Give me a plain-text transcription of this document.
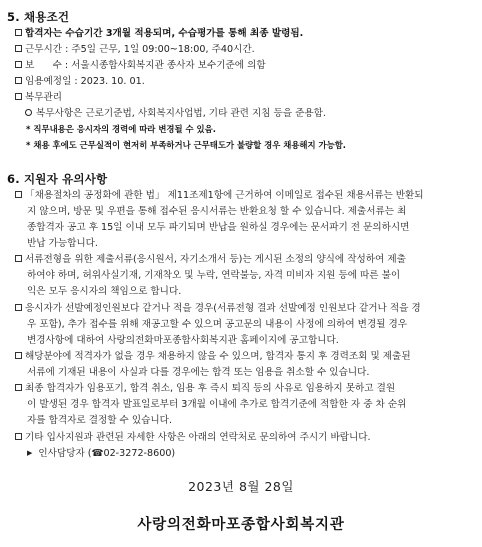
5. 채용조건
합격자는 수습기간 3개월 적용되며, 수습평가를 통해 최종 발령됨.
근무시간 : 주5일 근무, 1일 09:00~18:00, 주40시간.
보      수 : 서울시종합사회복지관 종사자 보수기준에 의함
임용예정일 : 2023. 10. 01.
복무관리
복무사항은 근로기준법, 사회복지사업법, 기타 관련 지침 등을 준용함.
* 직무내용은 응시자의 경력에 따라 변경될 수 있음.
* 채용 후에도 근무실적이 현저히 부족하거나 근무태도가 불량할 경우 채용해지 가능함.
6. 지원자 유의사항
「채용절차의 공정화에 관한 법」 제11조제1항에 근거하여 이메일로 접수된 채용서류는 반환되
지 않으며, 방문 및 우편을 통해 접수된 응시서류는 반환요청 할 수 있습니다. 제출서류는 최
종합격자 공고 후 15일 이내 모두 파기되며 반납을 원하실 경우에는 문서파기 전 문의하시면
반납 가능합니다.
서류전형을 위한 제출서류(응시원서, 자기소개서 등)는 게시된 소정의 양식에 작성하여 제출
하여야 하며, 허위사실기재, 기재착오 및 누락, 연락불능, 자격 미비자 지원 등에 따른 불이
익은 모두 응시자의 책임으로 합니다.
응시자가 선발예정인원보다 같거나 적을 경우(서류전형 결과 선발예정 인원보다 같거나 적을 경
우 포함), 추가 접수를 위해 재공고할 수 있으며 공고문의 내용이 사정에 의하여 변경될 경우
변경사항에 대하여 사랑의전화마포종합사회복지관 홈페이지에 공고합니다.
해당분야에 적격자가 없을 경우 채용하지 않을 수 있으며, 합격자 통지 후 경력조회 및 제출된
서류에 기재된 내용이 사실과 다를 경우에는 합격 또는 임용을 취소할 수 있습니다.
최종 합격자가 임용포기, 합격 취소, 임용 후 즉시 퇴직 등의 사유로 임용하지 못하고 결원
이 발생된 경우 합격자 발표일로부터 3개월 이내에 추가로 합격기준에 적합한 자 중 차 순위
자를 합격자로 결정할 수 있습니다.
기타 입사지원과 관련된 자세한 사항은 아래의 연락처로 문의하여 주시기 바랍니다.
▶ 인사담당자 (☎02-3272-8600)
2023년 8월 28일
사랑의전화마포종합사회복지관
